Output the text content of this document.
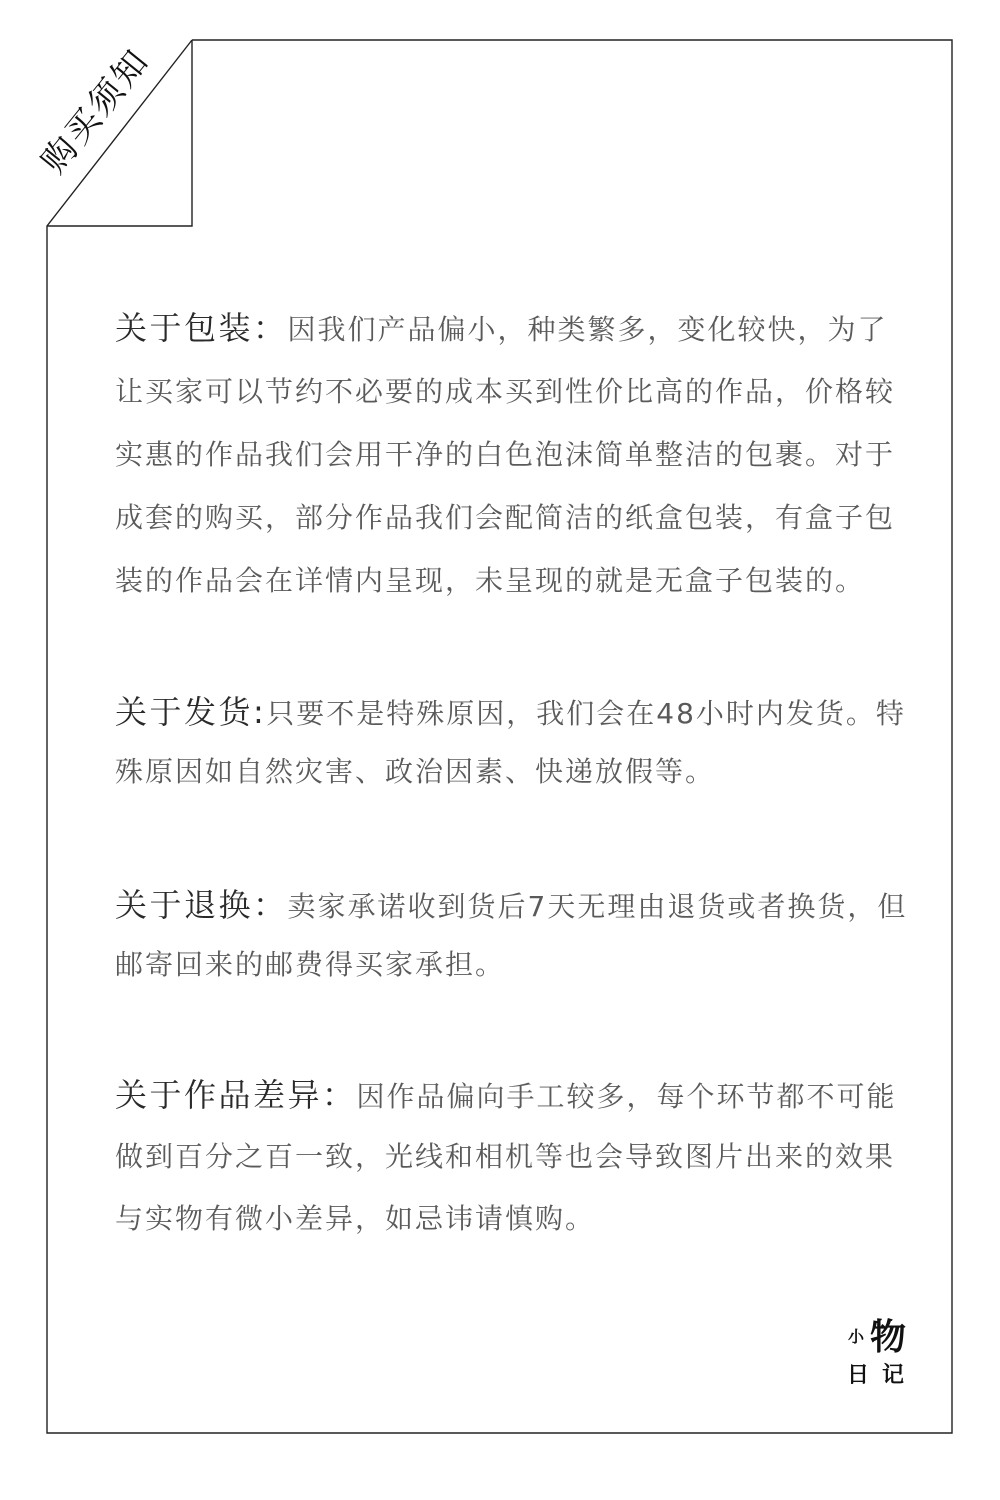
购买须知
关于包装：因我们产品偏小，种类繁多，变化较快，为了
让买家可以节约不必要的成本买到性价比高的作品，价格较
实惠的作品我们会用干净的白色泡沫简单整洁的包裹。对于
成套的购买，部分作品我们会配简洁的纸盒包装，有盒子包
装的作品会在详情内呈现，未呈现的就是无盒子包装的。
关于发货:只要不是特殊原因，我们会在48小时内发货。特
殊原因如自然灾害、政治因素、快递放假等。
关于退换：卖家承诺收到货后7天无理由退货或者换货，但
邮寄回来的邮费得买家承担。
关于作品差异：因作品偏向手工较多，每个环节都不可能
做到百分之百一致，光线和相机等也会导致图片出来的效果
与实物有微小差异，如忌讳请慎购。
小 物
日 记
